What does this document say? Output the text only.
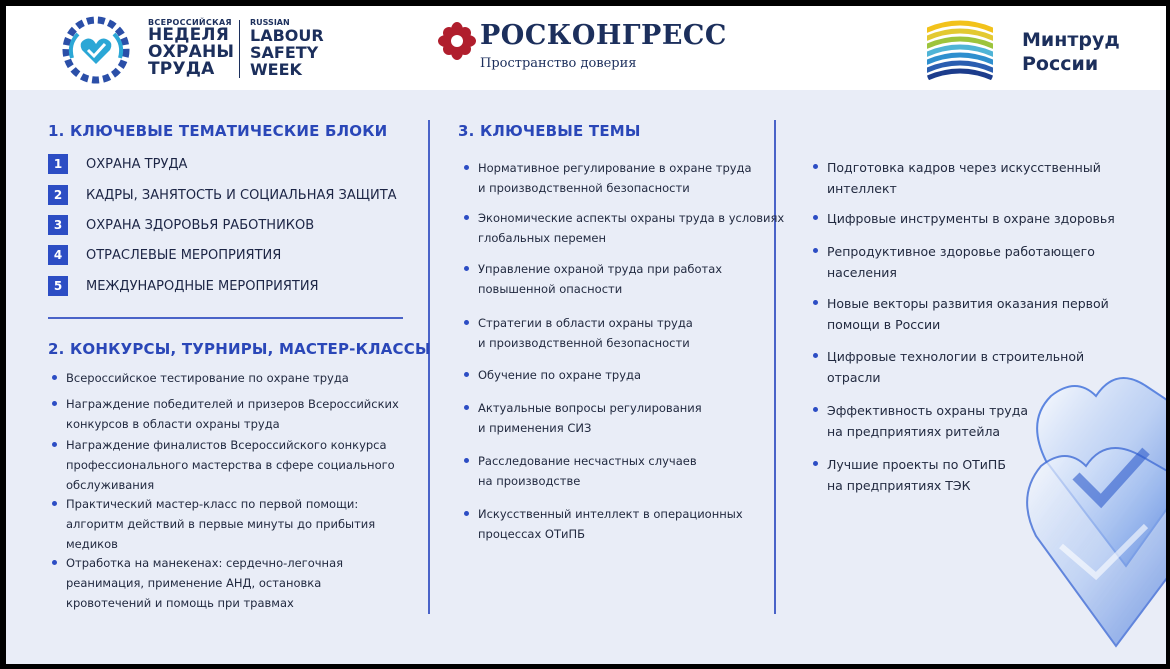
ВСЕРОССИЙСКАЯ
НЕДЕЛЯ
ОХРАНЫ
ТРУДА
RUSSIAN
LABOUR
SAFETY
WEEK
РОСКОНГРЕСС
Пространство доверия
Минтруд
России
1. КЛЮЧЕВЫЕ ТЕМАТИЧЕСКИЕ БЛОКИ
1	ОХРАНА ТРУДА
2	КАДРЫ, ЗАНЯТОСТЬ И СОЦИАЛЬНАЯ ЗАЩИТА
3	ОХРАНА ЗДОРОВЬЯ РАБОТНИКОВ
4	ОТРАСЛЕВЫЕ МЕРОПРИЯТИЯ
5	МЕЖДУНАРОДНЫЕ МЕРОПРИЯТИЯ
2. КОНКУРСЫ, ТУРНИРЫ, МАСТЕР-КЛАССЫ
Всероссийское тестирование по охране труда
Награждение победителей и призеров Всероссийских
конкурсов в области охраны труда
Награждение финалистов Всероссийского конкурса
профессионального мастерства в сфере социального
обслуживания
Практический мастер-класс по первой помощи:
алгоритм действий в первые минуты до прибытия
медиков
Отработка на манекенах: сердечно-легочная
реанимация, применение АНД, остановка
кровотечений и помощь при травмах
3. КЛЮЧЕВЫЕ ТЕМЫ
Нормативное регулирование в охране труда
и производственной безопасности
Экономические аспекты охраны труда в условиях
глобальных перемен
Управление охраной труда при работах
повышенной опасности
Стратегии в области охраны труда
и производственной безопасности
Обучение по охране труда
Актуальные вопросы регулирования
и применения СИЗ
Расследование несчастных случаев
на производстве
Искусственный интеллект в операционных
процессах ОТиПБ
Подготовка кадров через искусственный
интеллект
Цифровые инструменты в охране здоровья
Репродуктивное здоровье работающего
населения
Новые векторы развития оказания первой
помощи в России
Цифровые технологии в строительной
отрасли
Эффективность охраны труда
на предприятиях ритейла
Лучшие проекты по ОТиПБ
на предприятиях ТЭК
